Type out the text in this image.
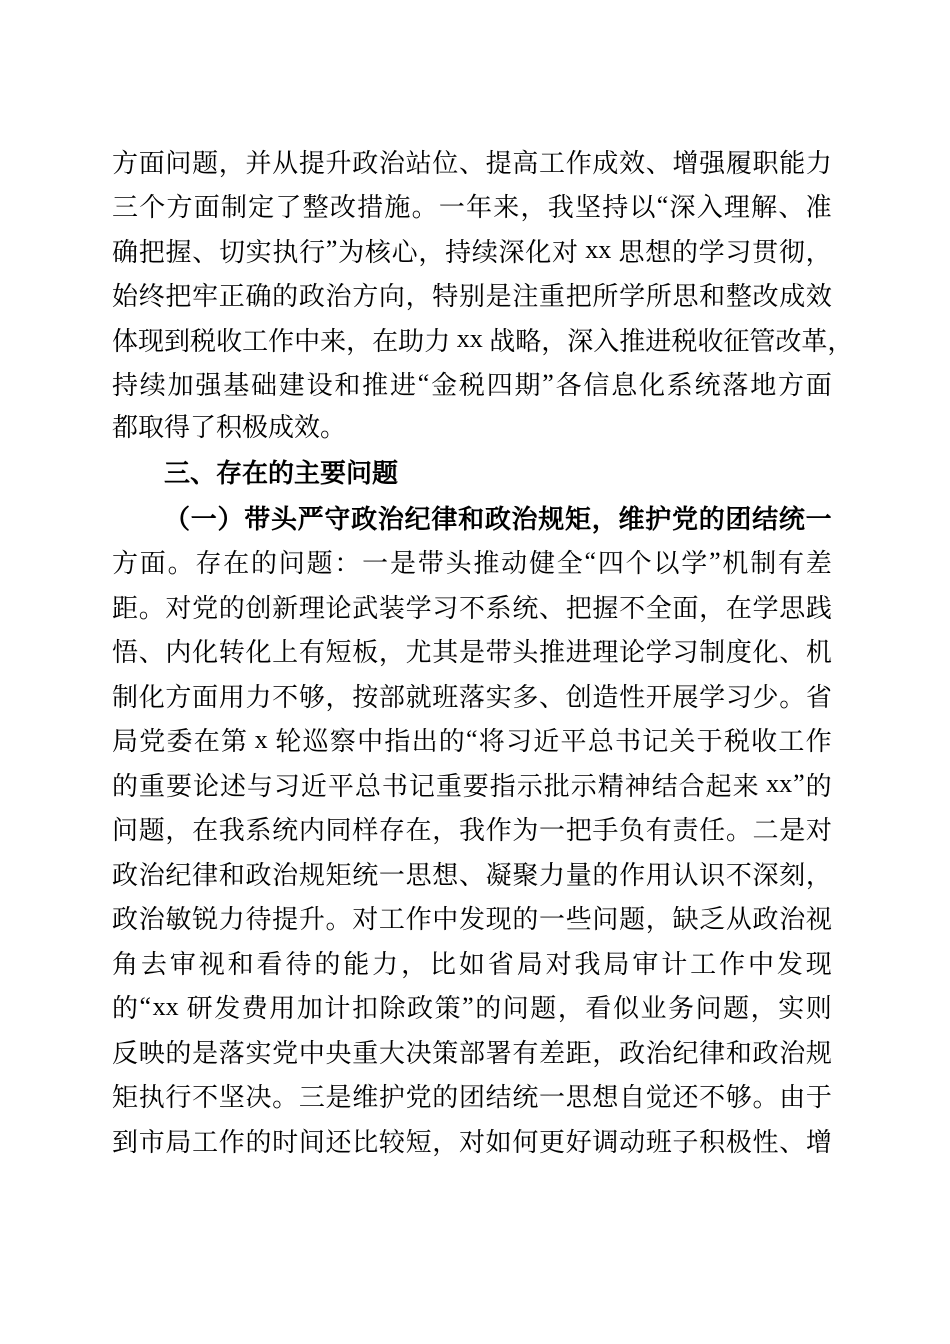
方 面 问 题 ， 并 从 提 升 政 治 站 位 、 提 高 工 作 成 效 、 增 强 履 职 能 力
三 个 方 面 制 定 了 整 改 措 施 。 一 年 来 ， 我 坚 持 以 “ 深 入 理 解 、 准
确 把 握 、 切 实 执 行 ” 为 核 心 ， 持 续 深 化 对 xx 思 想 的 学 习 贯 彻 ，
始 终 把 牢 正 确 的 政 治 方 向 ， 特 别 是 注 重 把 所 学 所 思 和 整 改 成 效
体 现 到 税 收 工 作 中 来 ， 在 助 力 xx 战 略 ， 深 入 推 进 税 收 征 管 改 革 ，
持 续 加 强 基 础 建 设 和 推 进 “ 金 税 四 期 ” 各 信 息 化 系 统 落 地 方 面
都取得了积极成效。
三、存在的主要问题
（ 一 ） 带 头 严 守 政 治 纪 律 和 政 治 规 矩 ， 维 护 党 的 团 结 统 一
方 面 。 存 在 的 问 题 ： 一 是 带 头 推 动 健 全 “ 四 个 以 学 ” 机 制 有 差
距 。 对 党 的 创 新 理 论 武 装 学 习 不 系 统 、 把 握 不 全 面 ， 在 学 思 践
悟 、 内 化 转 化 上 有 短 板 ， 尤 其 是 带 头 推 进 理 论 学 习 制 度 化 、 机
制 化 方 面 用 力 不 够 ， 按 部 就 班 落 实 多 、 创 造 性 开 展 学 习 少 。 省
局 党 委 在 第 x 轮 巡 察 中 指 出 的 “ 将 习 近 平 总 书 记 关 于 税 收 工 作
的 重 要 论 述 与 习 近 平 总 书 记 重 要 指 示 批 示 精 神 结 合 起 来 xx ” 的
问 题 ， 在 我 系 统 内 同 样 存 在 ， 我 作 为 一 把 手 负 有 责 任 。 二 是 对
政 治 纪 律 和 政 治 规 矩 统 一 思 想 、 凝 聚 力 量 的 作 用 认 识 不 深 刻 ，
政 治 敏 锐 力 待 提 升 。 对 工 作 中 发 现 的 一 些 问 题 ， 缺 乏 从 政 治 视
角 去 审 视 和 看 待 的 能 力 ， 比 如 省 局 对 我 局 审 计 工 作 中 发 现
的 “ xx 研 发 费 用 加 计 扣 除 政 策 ” 的 问 题 ， 看 似 业 务 问 题 ， 实 则
反 映 的 是 落 实 党 中 央 重 大 决 策 部 署 有 差 距 ， 政 治 纪 律 和 政 治 规
矩 执 行 不 坚 决 。 三 是 维 护 党 的 团 结 统 一 思 想 自 觉 还 不 够 。 由 于
到 市 局 工 作 的 时 间 还 比 较 短 ， 对 如 何 更 好 调 动 班 子 积 极 性 、 增
